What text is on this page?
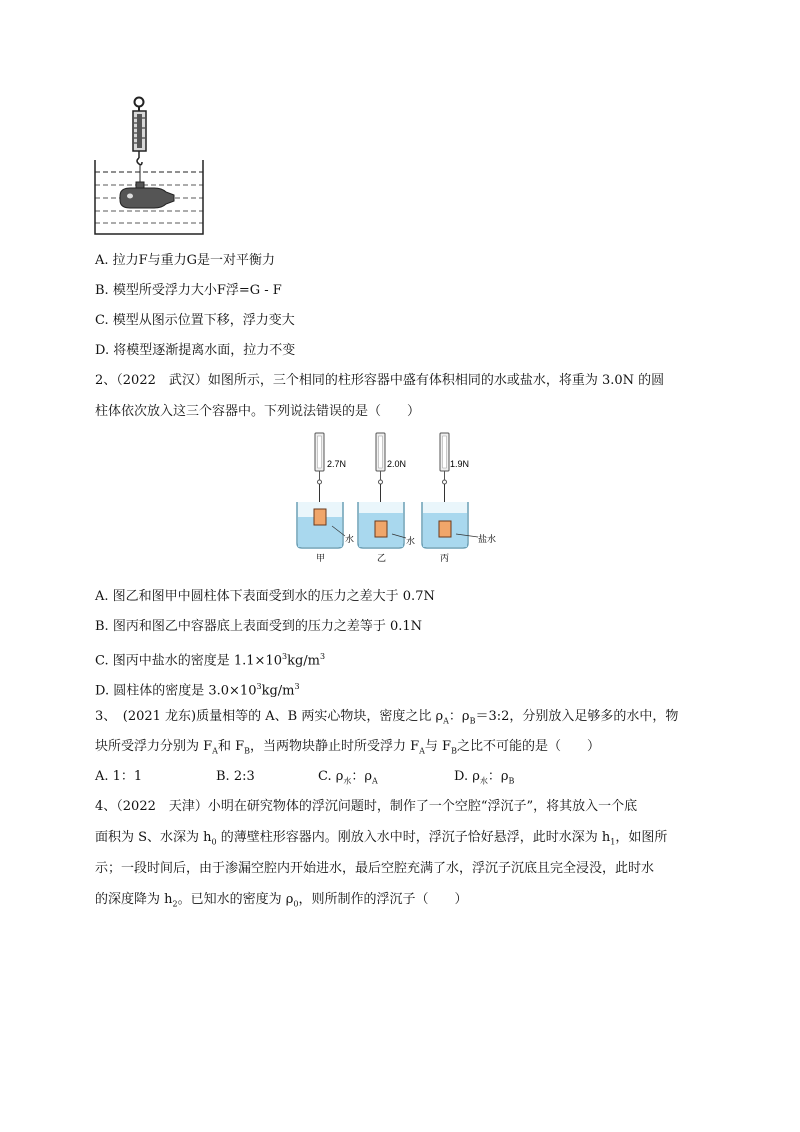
A. 拉力F与重力G是一对平衡力
B. 模型所受浮力大小F浮=G - F
C. 模型从图示位置下移，浮力变大
D. 将模型逐渐提离水面，拉力不变
2、（2022　武汉）如图所示，三个相同的柱形容器中盛有体积相同的水或盐水，将重为 3.0N 的圆
柱体依次放入这三个容器中。下列说法错误的是（　　）
2.7N
水
甲
2.0N
水
乙
1.9N
盐水
丙
A. 图乙和图甲中圆柱体下表面受到水的压力之差大于 0.7N
B. 图丙和图乙中容器底上表面受到的压力之差等于 0.1N
C. 图丙中盐水的密度是 $1.1\times 10^3kg/m^3$
D. 圆柱体的密度是 $3.0\times 10^3kg/m^3$
3、　(2021 龙东)质量相等的 A、B 两实心物块，密度之比 $\rho_A$：$\rho_B=3:2$，分别放入足够多的水中，物
块所受浮力分别为 $F_A$和 $F_B$，当两物块静止时所受浮力 $F_A$与 $F_B$之比不可能的是（　　）
A. 1：1	B. 2:3	C. $\rho_水$：$\rho_A$	D. $\rho_水$：$\rho_B$
4、（2022　天津）小明在研究物体的浮沉问题时，制作了一个空腔“浮沉子”，将其放入一个底
面积为 S、水深为 $h_0$ 的薄壁柱形容器内。刚放入水中时，浮沉子恰好悬浮，此时水深为 $h_1$，如图所
示；一段时间后，由于渗漏空腔内开始进水，最后空腔充满了水，浮沉子沉底且完全浸没，此时水
的深度降为 $h_2$。已知水的密度为 $\rho_0$，则所制作的浮沉子（　　）
